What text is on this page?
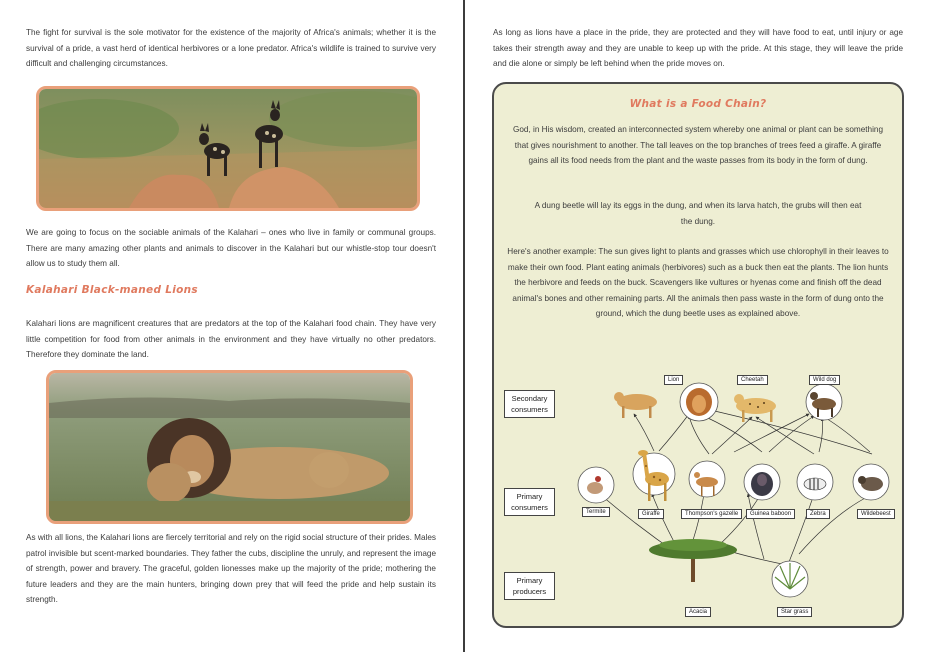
The fight for survival is the sole motivator for the existence of the majority of Africa's animals; whether it is the survival of a pride, a vast herd of identical herbivores or a lone predator. Africa's wildlife is trained to survive very difficult and challenging circumstances.

We are going to focus on the sociable animals of the Kalahari – ones who live in family or communal groups. There are many amazing other plants and animals to discover in the Kalahari but our whistle-stop tour doesn't allow us to study them all.

Kalahari Black-maned Lions

Kalahari lions are magnificent creatures that are predators at the top of the Kalahari food chain. They have very little competition for food from other animals in the environment and they have virtually no other predators. Therefore they dominate the land.

As with all lions, the Kalahari lions are fiercely territorial and rely on the rigid social structure of their prides. Males patrol invisible but scent-marked boundaries. They father the cubs, discipline the unruly, and represent the image of strength, power and bravery. The graceful, golden lionesses make up the majority of the pride; mothering the future leaders and they are the main hunters, bringing down prey that will feed the pride and help sustain its strength.

As long as lions have a place in the pride, they are protected and they will have food to eat, until injury or age takes their strength away and they are unable to keep up with the pride. At this stage, they will leave the pride and die alone or simply be left behind when the pride moves on.

What is a Food Chain?

God, in His wisdom, created an interconnected system whereby one animal or plant can be something that gives nourishment to another. The tall leaves on the top branches of trees feed a giraffe. A giraffe gains all its food needs from the plant and the waste passes from its body in the form of dung.

A dung beetle will lay its eggs in the dung, and when its larva hatch, the grubs will then eat the dung.

Here's another example: The sun gives light to plants and grasses which use chlorophyll in their leaves to make their own food. Plant eating animals (herbivores) such as a buck then eat the plants. The lion hunts the herbivore and feeds on the buck. Scavengers like vultures or hyenas come and finish off the dead animal's bones and other remaining parts. All the animals then pass waste in the form of dung onto the ground, which the dung beetle uses as explained above.

Secondary consumers
Primary consumers
Primary producers
Lion	Cheetah	Wild dog
Termite	Giraffe	Thompson's gazelle	Guinea baboon	Zebra	Wildebeest
Acacia	Star grass
